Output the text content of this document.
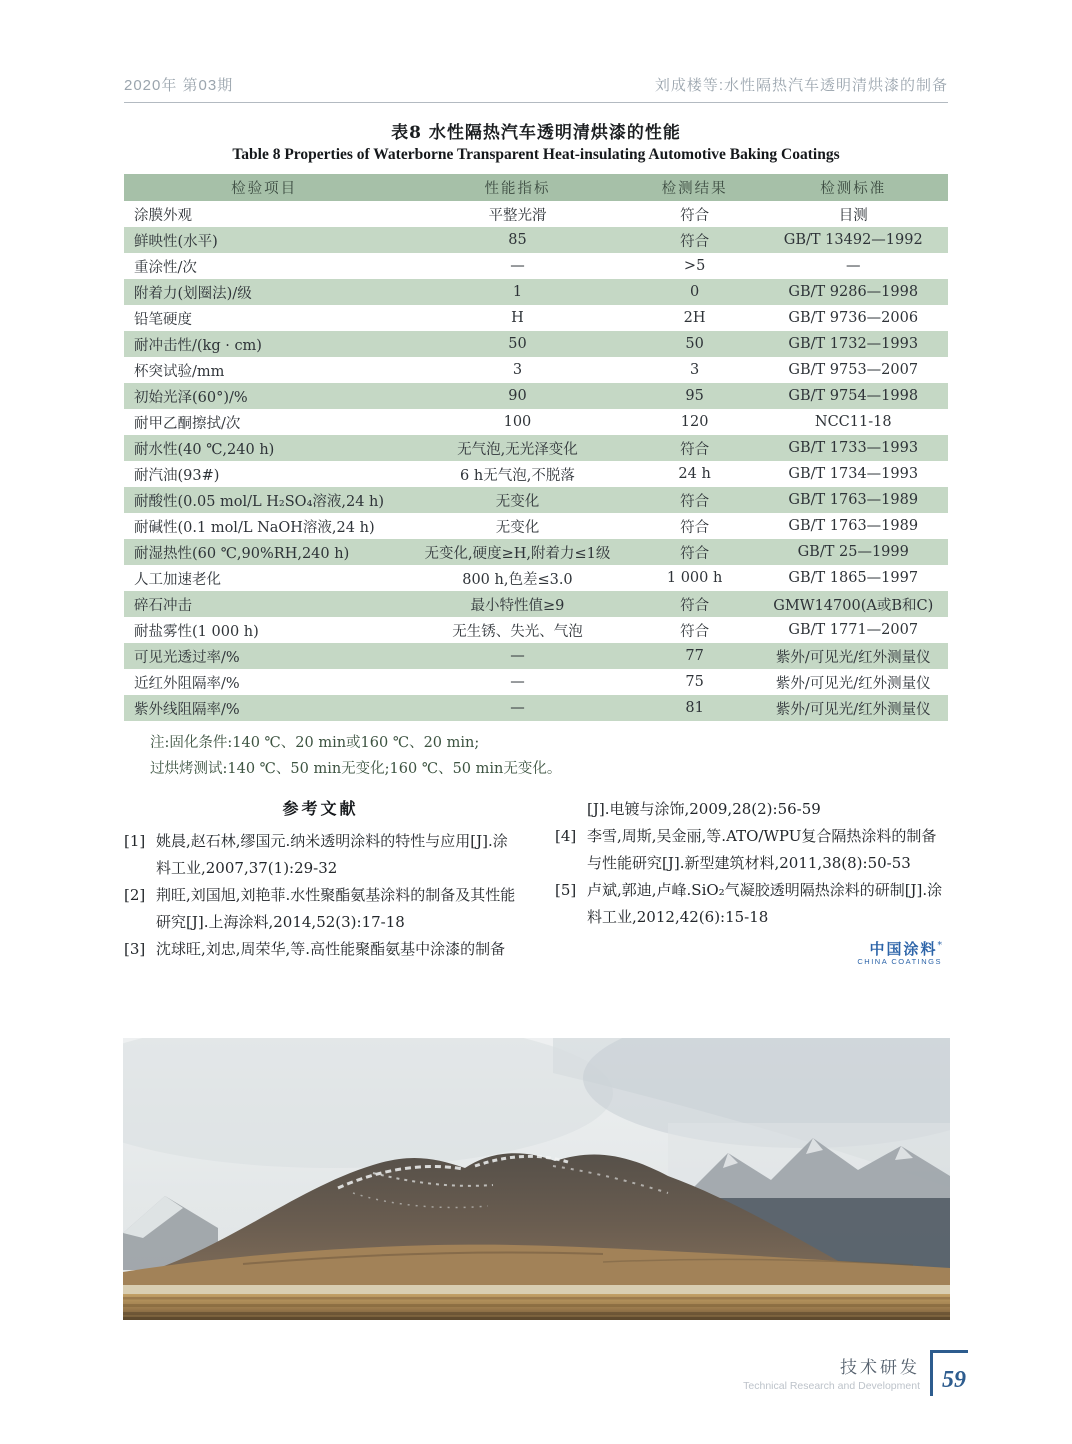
2020年 第03期	刘成楼等:水性隔热汽车透明清烘漆的制备
表8 水性隔热汽车透明清烘漆的性能
Table 8 Properties of Waterborne Transparent Heat-insulating Automotive Baking Coatings
检验项目	性能指标	检测结果	检测标准
涂膜外观	平整光滑	符合	目测
鲜映性(水平)	85	符合	GB/T 13492—1992
重涂性/次	—	>5	—
附着力(划圈法)/级	1	0	GB/T 9286—1998
铅笔硬度	H	2H	GB/T 9736—2006
耐冲击性/(kg · cm)	50	50	GB/T 1732—1993
杯突试验/mm	3	3	GB/T 9753—2007
初始光泽(60°)/%	90	95	GB/T 9754—1998
耐甲乙酮擦拭/次	100	120	NCC11-18
耐水性(40 ℃,240 h)	无气泡,无光泽变化	符合	GB/T 1733—1993
耐汽油(93#)	6 h无气泡,不脱落	24 h	GB/T 1734—1993
耐酸性(0.05 mol/L H₂SO₄溶液,24 h)	无变化	符合	GB/T 1763—1989
耐碱性(0.1 mol/L NaOH溶液,24 h)	无变化	符合	GB/T 1763—1989
耐湿热性(60 ℃,90%RH,240 h)	无变化,硬度≥H,附着力≤1级	符合	GB/T 25—1999
人工加速老化	800 h,色差≤3.0	1 000 h	GB/T 1865—1997
碎石冲击	最小特性值≥9	符合	GMW14700(A或B和C)
耐盐雾性(1 000 h)	无生锈、失光、气泡	符合	GB/T 1771—2007
可见光透过率/%	—	77	紫外/可见光/红外测量仪
近红外阻隔率/%	—	75	紫外/可见光/红外测量仪
紫外线阻隔率/%	—	81	紫外/可见光/红外测量仪
注:固化条件:140 ℃、20 min或160 ℃、20 min;
过烘烤测试:140 ℃、50 min无变化;160 ℃、50 min无变化。
参考文献
[1] 姚晨,赵石林,缪国元.纳米透明涂料的特性与应用[J].涂料工业,2007,37(1):29-32
[2] 荆旺,刘国旭,刘艳菲.水性聚酯氨基涂料的制备及其性能研究[J].上海涂料,2014,52(3):17-18
[3] 沈球旺,刘忠,周荣华,等.高性能聚酯氨基中涂漆的制备
[J].电镀与涂饰,2009,28(2):56-59
[4] 李雪,周斯,吴金丽,等.ATO/WPU复合隔热涂料的制备与性能研究[J].新型建筑材料,2011,38(8):50-53
[5] 卢斌,郭迪,卢峰.SiO₂气凝胶透明隔热涂料的研制[J].涂料工业,2012,42(6):15-18
中国涂料*
CHINA COATINGS
技术研发
Technical Research and Development 59
